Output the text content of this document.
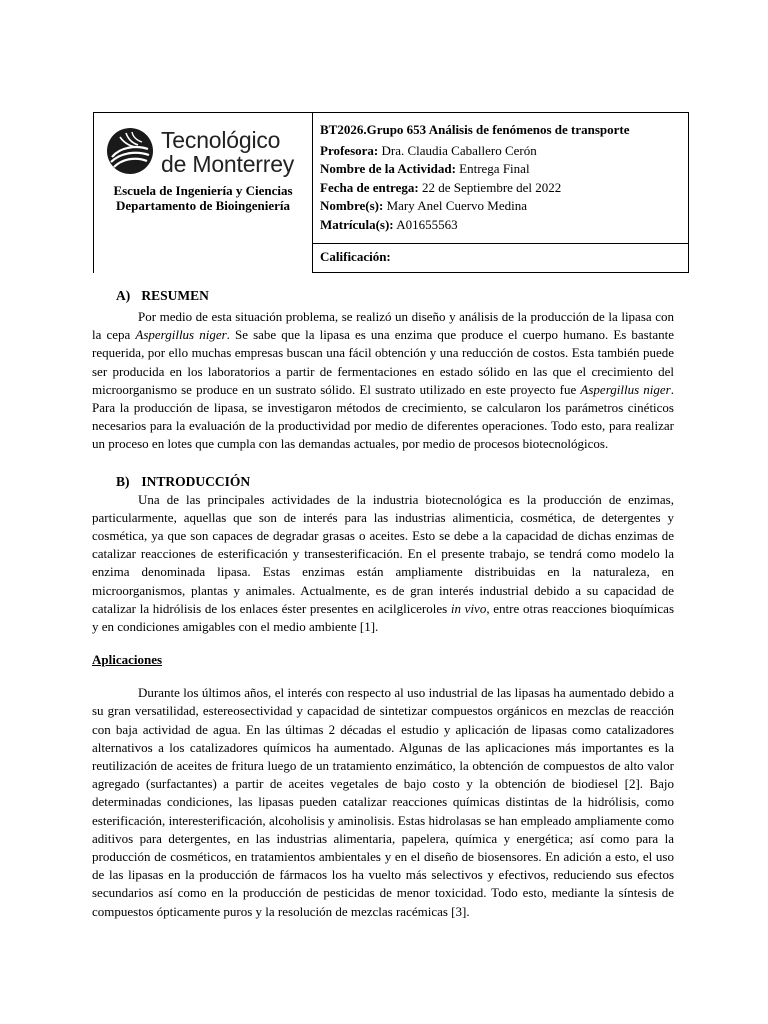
Tecnológico
de Monterrey
Escuela de Ingeniería y Ciencias
Departamento de Bioingeniería
BT2026.Grupo 653 Análisis de fenómenos de transporte
Profesora: Dra. Claudia Caballero Cerón
Nombre de la Actividad: Entrega Final
Fecha de entrega: 22 de Septiembre del 2022
Nombre(s): Mary Anel Cuervo Medina
Matrícula(s): A01655563
Calificación:
A) RESUMEN

Por medio de esta situación problema, se realizó un diseño y análisis de la producción de la lipasa con la cepa Aspergillus niger. Se sabe que la lipasa es una enzima que produce el cuerpo humano. Es bastante requerida, por ello muchas empresas buscan una fácil obtención y una reducción de costos. Esta también puede ser producida en los laboratorios a partir de fermentaciones en estado sólido en las que el crecimiento del microorganismo se produce en un sustrato sólido. El sustrato utilizado en este proyecto fue Aspergillus niger. Para la producción de lipasa, se investigaron métodos de crecimiento, se calcularon los parámetros cinéticos necesarios para la evaluación de la productividad por medio de diferentes operaciones. Todo esto, para realizar un proceso en lotes que cumpla con las demandas actuales, por medio de procesos biotecnológicos.

B) INTRODUCCIÓN

Una de las principales actividades de la industria biotecnológica es la producción de enzimas, particularmente, aquellas que son de interés para las industrias alimenticia, cosmética, de detergentes y cosmética, ya que son capaces de degradar grasas o aceites. Esto se debe a la capacidad de dichas enzimas de catalizar reacciones de esterificación y transesterificación. En el presente trabajo, se tendrá como modelo la enzima denominada lipasa. Estas enzimas están ampliamente distribuidas en la naturaleza, en microorganismos, plantas y animales. Actualmente, es de gran interés industrial debido a su capacidad de catalizar la hidrólisis de los enlaces éster presentes en acilgliceroles in vivo, entre otras reacciones bioquímicas y en condiciones amigables con el medio ambiente [1].

Aplicaciones

Durante los últimos años, el interés con respecto al uso industrial de las lipasas ha aumentado debido a su gran versatilidad, estereosectividad y capacidad de sintetizar compuestos orgánicos en mezclas de reacción con baja actividad de agua. En las últimas 2 décadas el estudio y aplicación de lipasas como catalizadores alternativos a los catalizadores químicos ha aumentado. Algunas de las aplicaciones más importantes es la reutilización de aceites de fritura luego de un tratamiento enzimático, la obtención de compuestos de alto valor agregado (surfactantes) a partir de aceites vegetales de bajo costo y la obtención de biodiesel [2]. Bajo determinadas condiciones, las lipasas pueden catalizar reacciones químicas distintas de la hidrólisis, como esterificación, interesterificación, alcoholisis y aminolisis. Estas hidrolasas se han empleado ampliamente como aditivos para detergentes, en las industrias alimentaria, papelera, química y energética; así como para la producción de cosméticos, en tratamientos ambientales y en el diseño de biosensores. En adición a esto, el uso de las lipasas en la producción de fármacos los ha vuelto más selectivos y efectivos, reduciendo sus efectos secundarios así como en la producción de pesticidas de menor toxicidad. Todo esto, mediante la síntesis de compuestos ópticamente puros y la resolución de mezclas racémicas [3].
